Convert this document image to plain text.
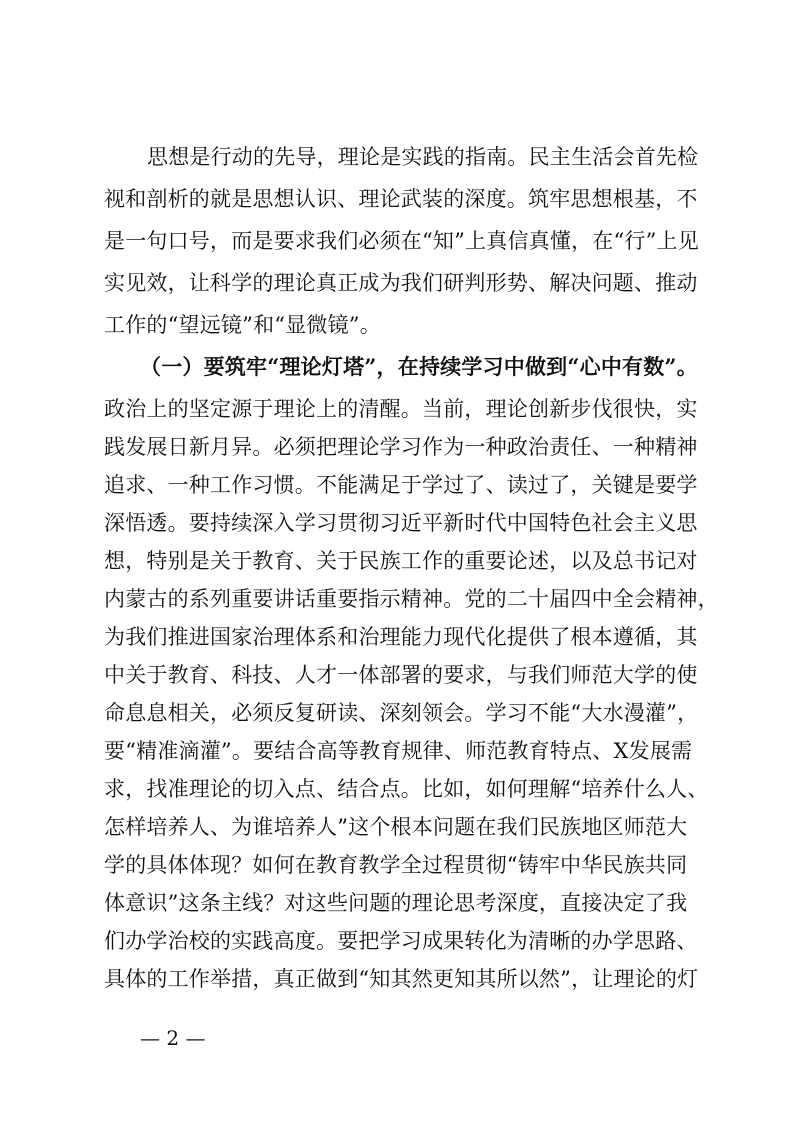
思想是行动的先导，理论是实践的指南。民主生活会首先检
视和剖析的就是思想认识、理论武装的深度。筑牢思想根基，不
是一句口号，而是要求我们必须在“知”上真信真懂，在“行”上见
实见效，让科学的理论真正成为我们研判形势、解决问题、推动
工作的“望远镜”和“显微镜”。
（一）要筑牢“理论灯塔”，在持续学习中做到“心中有数”。
政治上的坚定源于理论上的清醒。当前，理论创新步伐很快，实
践发展日新月异。必须把理论学习作为一种政治责任、一种精神
追求、一种工作习惯。不能满足于学过了、读过了，关键是要学
深悟透。要持续深入学习贯彻习近平新时代中国特色社会主义思
想，特别是关于教育、关于民族工作的重要论述，以及总书记对
内蒙古的系列重要讲话重要指示精神。党的二十届四中全会精神，
为我们推进国家治理体系和治理能力现代化提供了根本遵循，其
中关于教育、科技、人才一体部署的要求，与我们师范大学的使
命息息相关，必须反复研读、深刻领会。学习不能“大水漫灌”，
要“精准滴灌”。要结合高等教育规律、师范教育特点、X发展需
求，找准理论的切入点、结合点。比如，如何理解“培养什么人、
怎样培养人、为谁培养人”这个根本问题在我们民族地区师范大
学的具体体现？如何在教育教学全过程贯彻“铸牢中华民族共同
体意识”这条主线？对这些问题的理论思考深度，直接决定了我
们办学治校的实践高度。要把学习成果转化为清晰的办学思路、
— 2 —
具体的工作举措，真正做到“知其然更知其所以然”，让理论的灯
